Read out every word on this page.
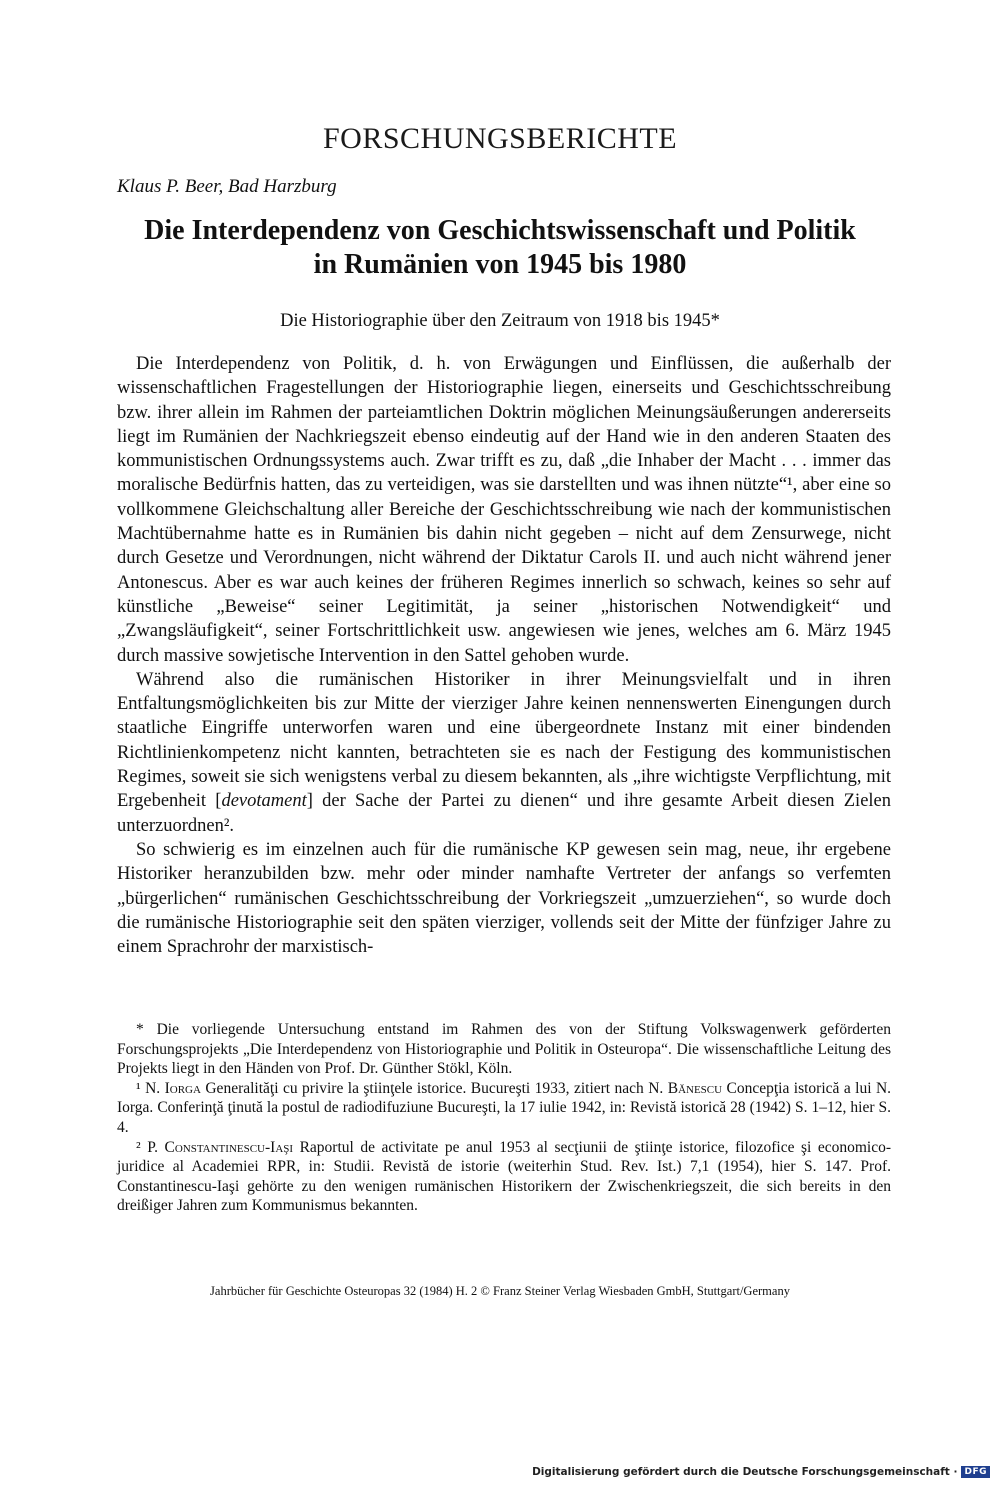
FORSCHUNGSBERICHTE
Klaus P. Beer, Bad Harzburg
Die Interdependenz von Geschichtswissenschaft und Politik
in Rumänien von 1945 bis 1980
Die Historiographie über den Zeitraum von 1918 bis 1945*

Die Interdependenz von Politik, d. h. von Erwägungen und Einflüssen, die außerhalb der wissenschaftlichen Fragestellungen der Historiographie liegen, einerseits und Geschichtsschreibung bzw. ihrer allein im Rahmen der parteiamtlichen Doktrin möglichen Meinungsäußerungen andererseits liegt im Rumänien der Nachkriegszeit ebenso eindeutig auf der Hand wie in den anderen Staaten des kommunistischen Ordnungssystems auch. Zwar trifft es zu, daß „die Inhaber der Macht . . . immer das moralische Bedürfnis hatten, das zu verteidigen, was sie darstellten und was ihnen nützte“¹, aber eine so vollkommene Gleichschaltung aller Bereiche der Geschichtsschreibung wie nach der kommunistischen Machtübernahme hatte es in Rumänien bis dahin nicht gegeben – nicht auf dem Zensurwege, nicht durch Gesetze und Verordnungen, nicht während der Diktatur Carols II. und auch nicht während jener Antonescus. Aber es war auch keines der früheren Regimes innerlich so schwach, keines so sehr auf künstliche „Beweise“ seiner Legitimität, ja seiner „historischen Notwendigkeit“ und „Zwangsläufigkeit“, seiner Fortschrittlichkeit usw. angewiesen wie jenes, welches am 6. März 1945 durch massive sowjetische Intervention in den Sattel gehoben wurde.

Während also die rumänischen Historiker in ihrer Meinungsvielfalt und in ihren Entfaltungsmöglichkeiten bis zur Mitte der vierziger Jahre keinen nennenswerten Einengungen durch staatliche Eingriffe unterworfen waren und eine übergeordnete Instanz mit einer bindenden Richtlinienkompetenz nicht kannten, betrachteten sie es nach der Festigung des kommunistischen Regimes, soweit sie sich wenigstens verbal zu diesem bekannten, als „ihre wichtigste Verpflichtung, mit Ergebenheit [devotament] der Sache der Partei zu dienen“ und ihre gesamte Arbeit diesen Zielen unterzuordnen².

So schwierig es im einzelnen auch für die rumänische KP gewesen sein mag, neue, ihr ergebene Historiker heranzubilden bzw. mehr oder minder namhafte Vertreter der anfangs so verfemten „bürgerlichen“ rumänischen Geschichtsschreibung der Vorkriegszeit „umzuerziehen“, so wurde doch die rumänische Historiographie seit den späten vierziger, vollends seit der Mitte der fünfziger Jahre zu einem Sprachrohr der marxistisch-

* Die vorliegende Untersuchung entstand im Rahmen des von der Stiftung Volkswagenwerk geförderten Forschungsprojekts „Die Interdependenz von Historiographie und Politik in Osteuropa“. Die wissenschaftliche Leitung des Projekts liegt in den Händen von Prof. Dr. Günther Stökl, Köln.

¹ N. Iorga Generalităţi cu privire la ştiinţele istorice. Bucureşti 1933, zitiert nach N. Bănescu Concepţia istorică a lui N. Iorga. Conferinţă ţinută la postul de radiodifuziune Bucureşti, la 17 iulie 1942, in: Revistă istorică 28 (1942) S. 1–12, hier S. 4.

² P. Constantinescu-Iaşi Raportul de activitate pe anul 1953 al secţiunii de ştiinţe istorice, filozofice şi economico-juridice al Academiei RPR, in: Studii. Revistă de istorie (weiterhin Stud. Rev. Ist.) 7,1 (1954), hier S. 147. Prof. Constantinescu-Iaşi gehörte zu den wenigen rumänischen Historikern der Zwischenkriegszeit, die sich bereits in den dreißiger Jahren zum Kommunismus bekannten.

Jahrbücher für Geschichte Osteuropas 32 (1984) H. 2 © Franz Steiner Verlag Wiesbaden GmbH, Stuttgart/Germany
Digitalisierung gefördert durch die Deutsche Forschungsgemeinschaft · DFG
